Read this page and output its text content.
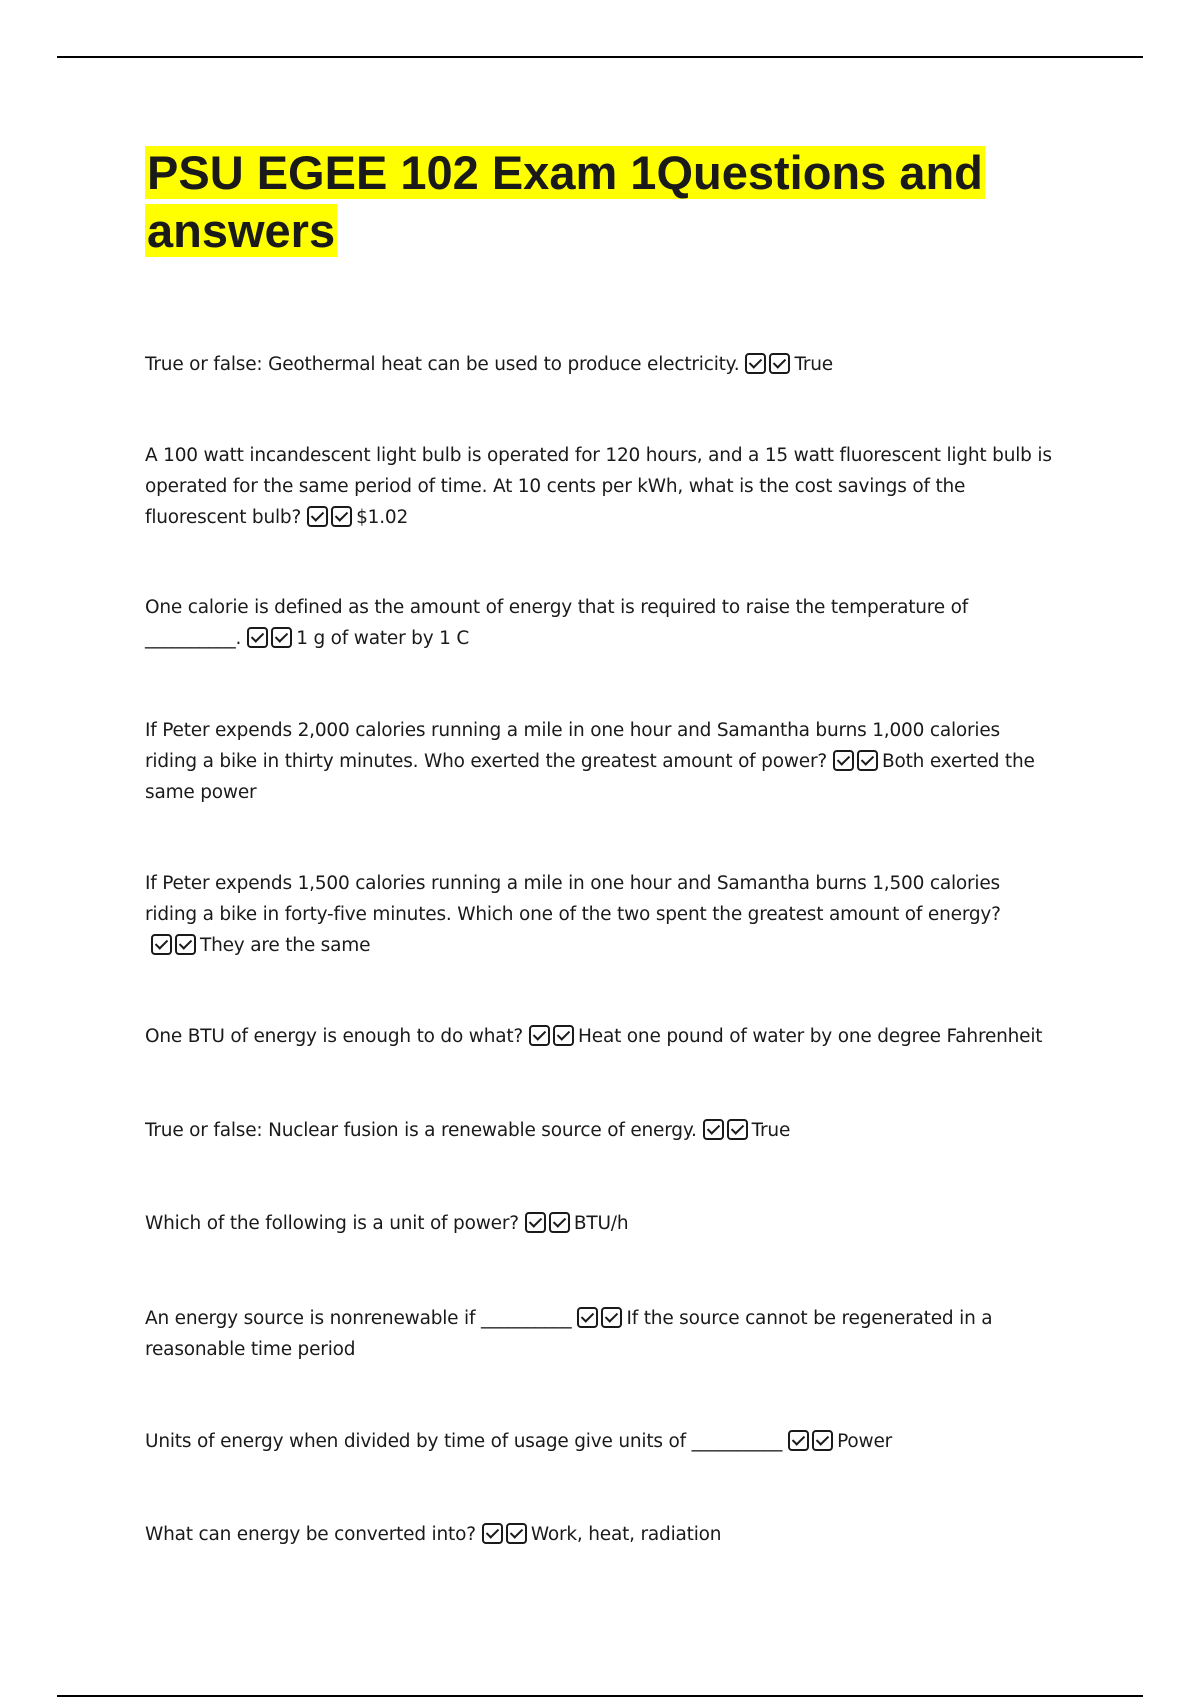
PSU EGEE 102 Exam 1Questions and answers

True or false: Geothermal heat can be used to produce electricity.	True

A 100 watt incandescent light bulb is operated for 120 hours, and a 15 watt fluorescent light bulb is operated for the same period of time. At 10 cents per kWh, what is the cost savings of the fluorescent bulb?	$1.02

One calorie is defined as the amount of energy that is required to raise the temperature of __________.	1 g of water by 1 C

If Peter expends 2,000 calories running a mile in one hour and Samantha burns 1,000 calories riding a bike in thirty minutes. Who exerted the greatest amount of power?	Both exerted the same power

If Peter expends 1,500 calories running a mile in one hour and Samantha burns 1,500 calories riding a bike in forty-five minutes. Which one of the two spent the greatest amount of energy?They are the same

One BTU of energy is enough to do what?	Heat one pound of water by one degree Fahrenheit

True or false: Nuclear fusion is a renewable source of energy.	True

Which of the following is a unit of power?	BTU/h

An energy source is nonrenewable if __________	If the source cannot be regenerated in a reasonable time period

Units of energy when divided by time of usage give units of __________	Power

What can energy be converted into?	Work, heat, radiation
